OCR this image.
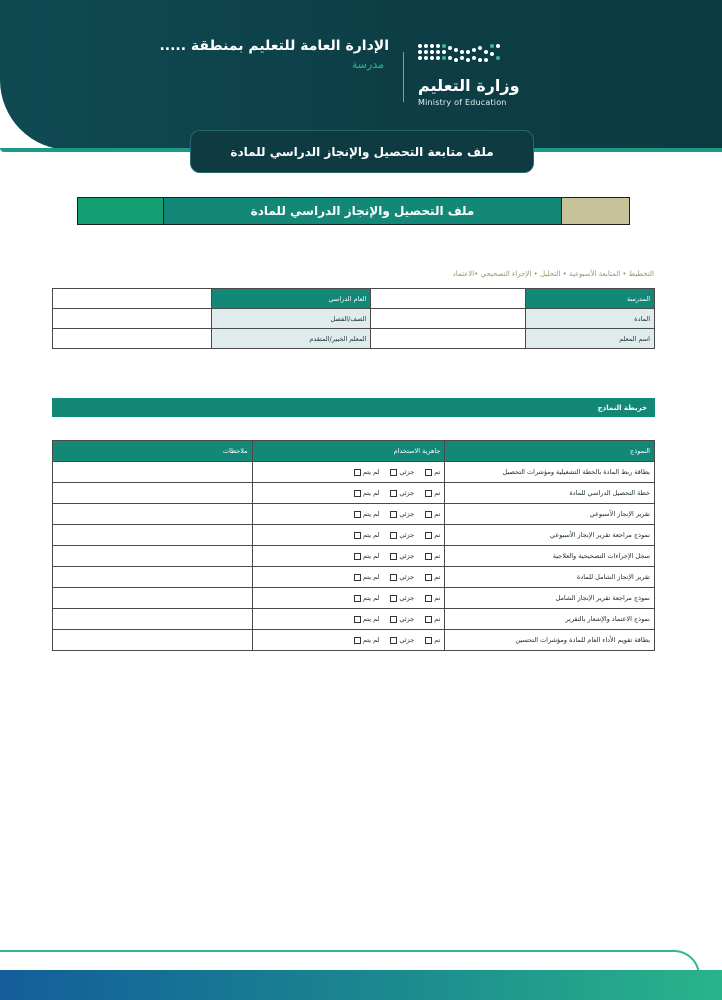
وزارة التعليم
Ministry of Education
الإدارة العامة للتعليم بمنطقة .....
مدرسة
ملف متابعة التحصيل والإنجاز الدراسي للمادة
ملف التحصيل والإنجاز الدراسي للمادة
التخطيط • المتابعة الأسبوعية • التحليل • الإجراء التصحيحي •الاعتماد
المدرسة		العام الدراسي	
المادة		الصف/الفصل	
اسم المعلم		المعلم الخبير/المتقدم	
خريطة النماذج
النموذج	جاهزية الاستخدام	ملاحظات
بطاقة ربط المادة بالخطة التشغيلية ومؤشرات التحصيل	تم
جزئي
لم يتم	

خطة التحصيل الدراسي للمادة	تم
جزئي
لم يتم	

تقرير الإنجاز الأسبوعي	تم
جزئي
لم يتم	

نموذج مراجعة تقرير الإنجاز الأسبوعي	تم
جزئي
لم يتم	

سجل الإجراءات التصحيحية والعلاجية	تم
جزئي
لم يتم	

تقرير الإنجاز الشامل للمادة	تم
جزئي
لم يتم	

نموذج مراجعة تقرير الإنجاز الشامل	تم
جزئي
لم يتم	

نموذج الاعتماد والإشعار بالتقرير	تم
جزئي
لم يتم	

بطاقة تقويم الأداء العام للمادة ومؤشرات التحسين	تم
جزئي
لم يتم	
